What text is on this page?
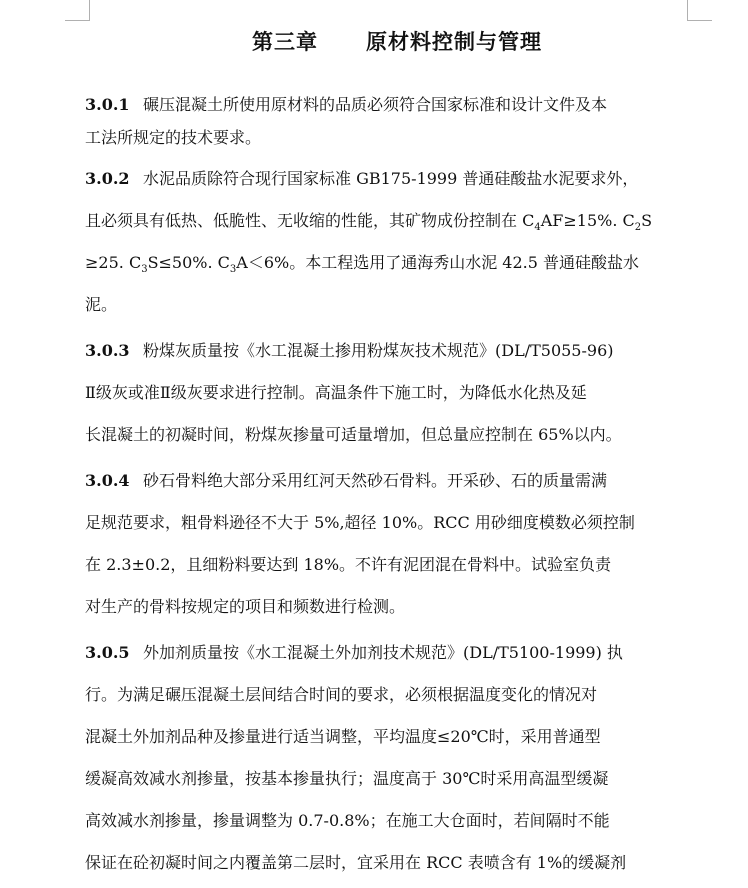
第三章 原材料控制与管理
3.0.1 碾压混凝土所使用原材料的品质必须符合国家标准和设计文件及本
工法所规定的技术要求。
3.0.2 水泥品质除符合现行国家标准 GB175-1999 普通硅酸盐水泥要求外，
且必须具有低热、低脆性、无收缩的性能，其矿物成份控制在 $C_4AF\ge 15\%$. $C_2S$
≥25. $C_3S\le 50\%$. $C_3A<6\%$。本工程选用了通海秀山水泥 42.5 普通硅酸盐水
泥。
3.0.3 粉煤灰质量按《水工混凝土掺用粉煤灰技术规范》(DL/T5055-96)
Ⅱ级灰或准Ⅱ级灰要求进行控制。高温条件下施工时，为降低水化热及延
长混凝土的初凝时间，粉煤灰掺量可适量增加，但总量应控制在 65%以内。
3.0.4 砂石骨料绝大部分采用红河天然砂石骨料。开采砂、石的质量需满
足规范要求，粗骨料逊径不大于 5%,超径 10%。RCC 用砂细度模数必须控制
在 2.3±0.2，且细粉料要达到 18%。不许有泥团混在骨料中。试验室负责
对生产的骨料按规定的项目和频数进行检测。
3.0.5 外加剂质量按《水工混凝土外加剂技术规范》(DL/T5100-1999) 执
行。为满足碾压混凝土层间结合时间的要求，必须根据温度变化的情况对
混凝土外加剂品种及掺量进行适当调整，平均温度≤20℃时，采用普通型
缓凝高效减水剂掺量，按基本掺量执行；温度高于 30℃时采用高温型缓凝
高效减水剂掺量，掺量调整为 0.7-0.8%；在施工大仓面时，若间隔时不能
保证在砼初凝时间之内覆盖第二层时，宜采用在 RCC 表喷含有 1%的缓凝剂
